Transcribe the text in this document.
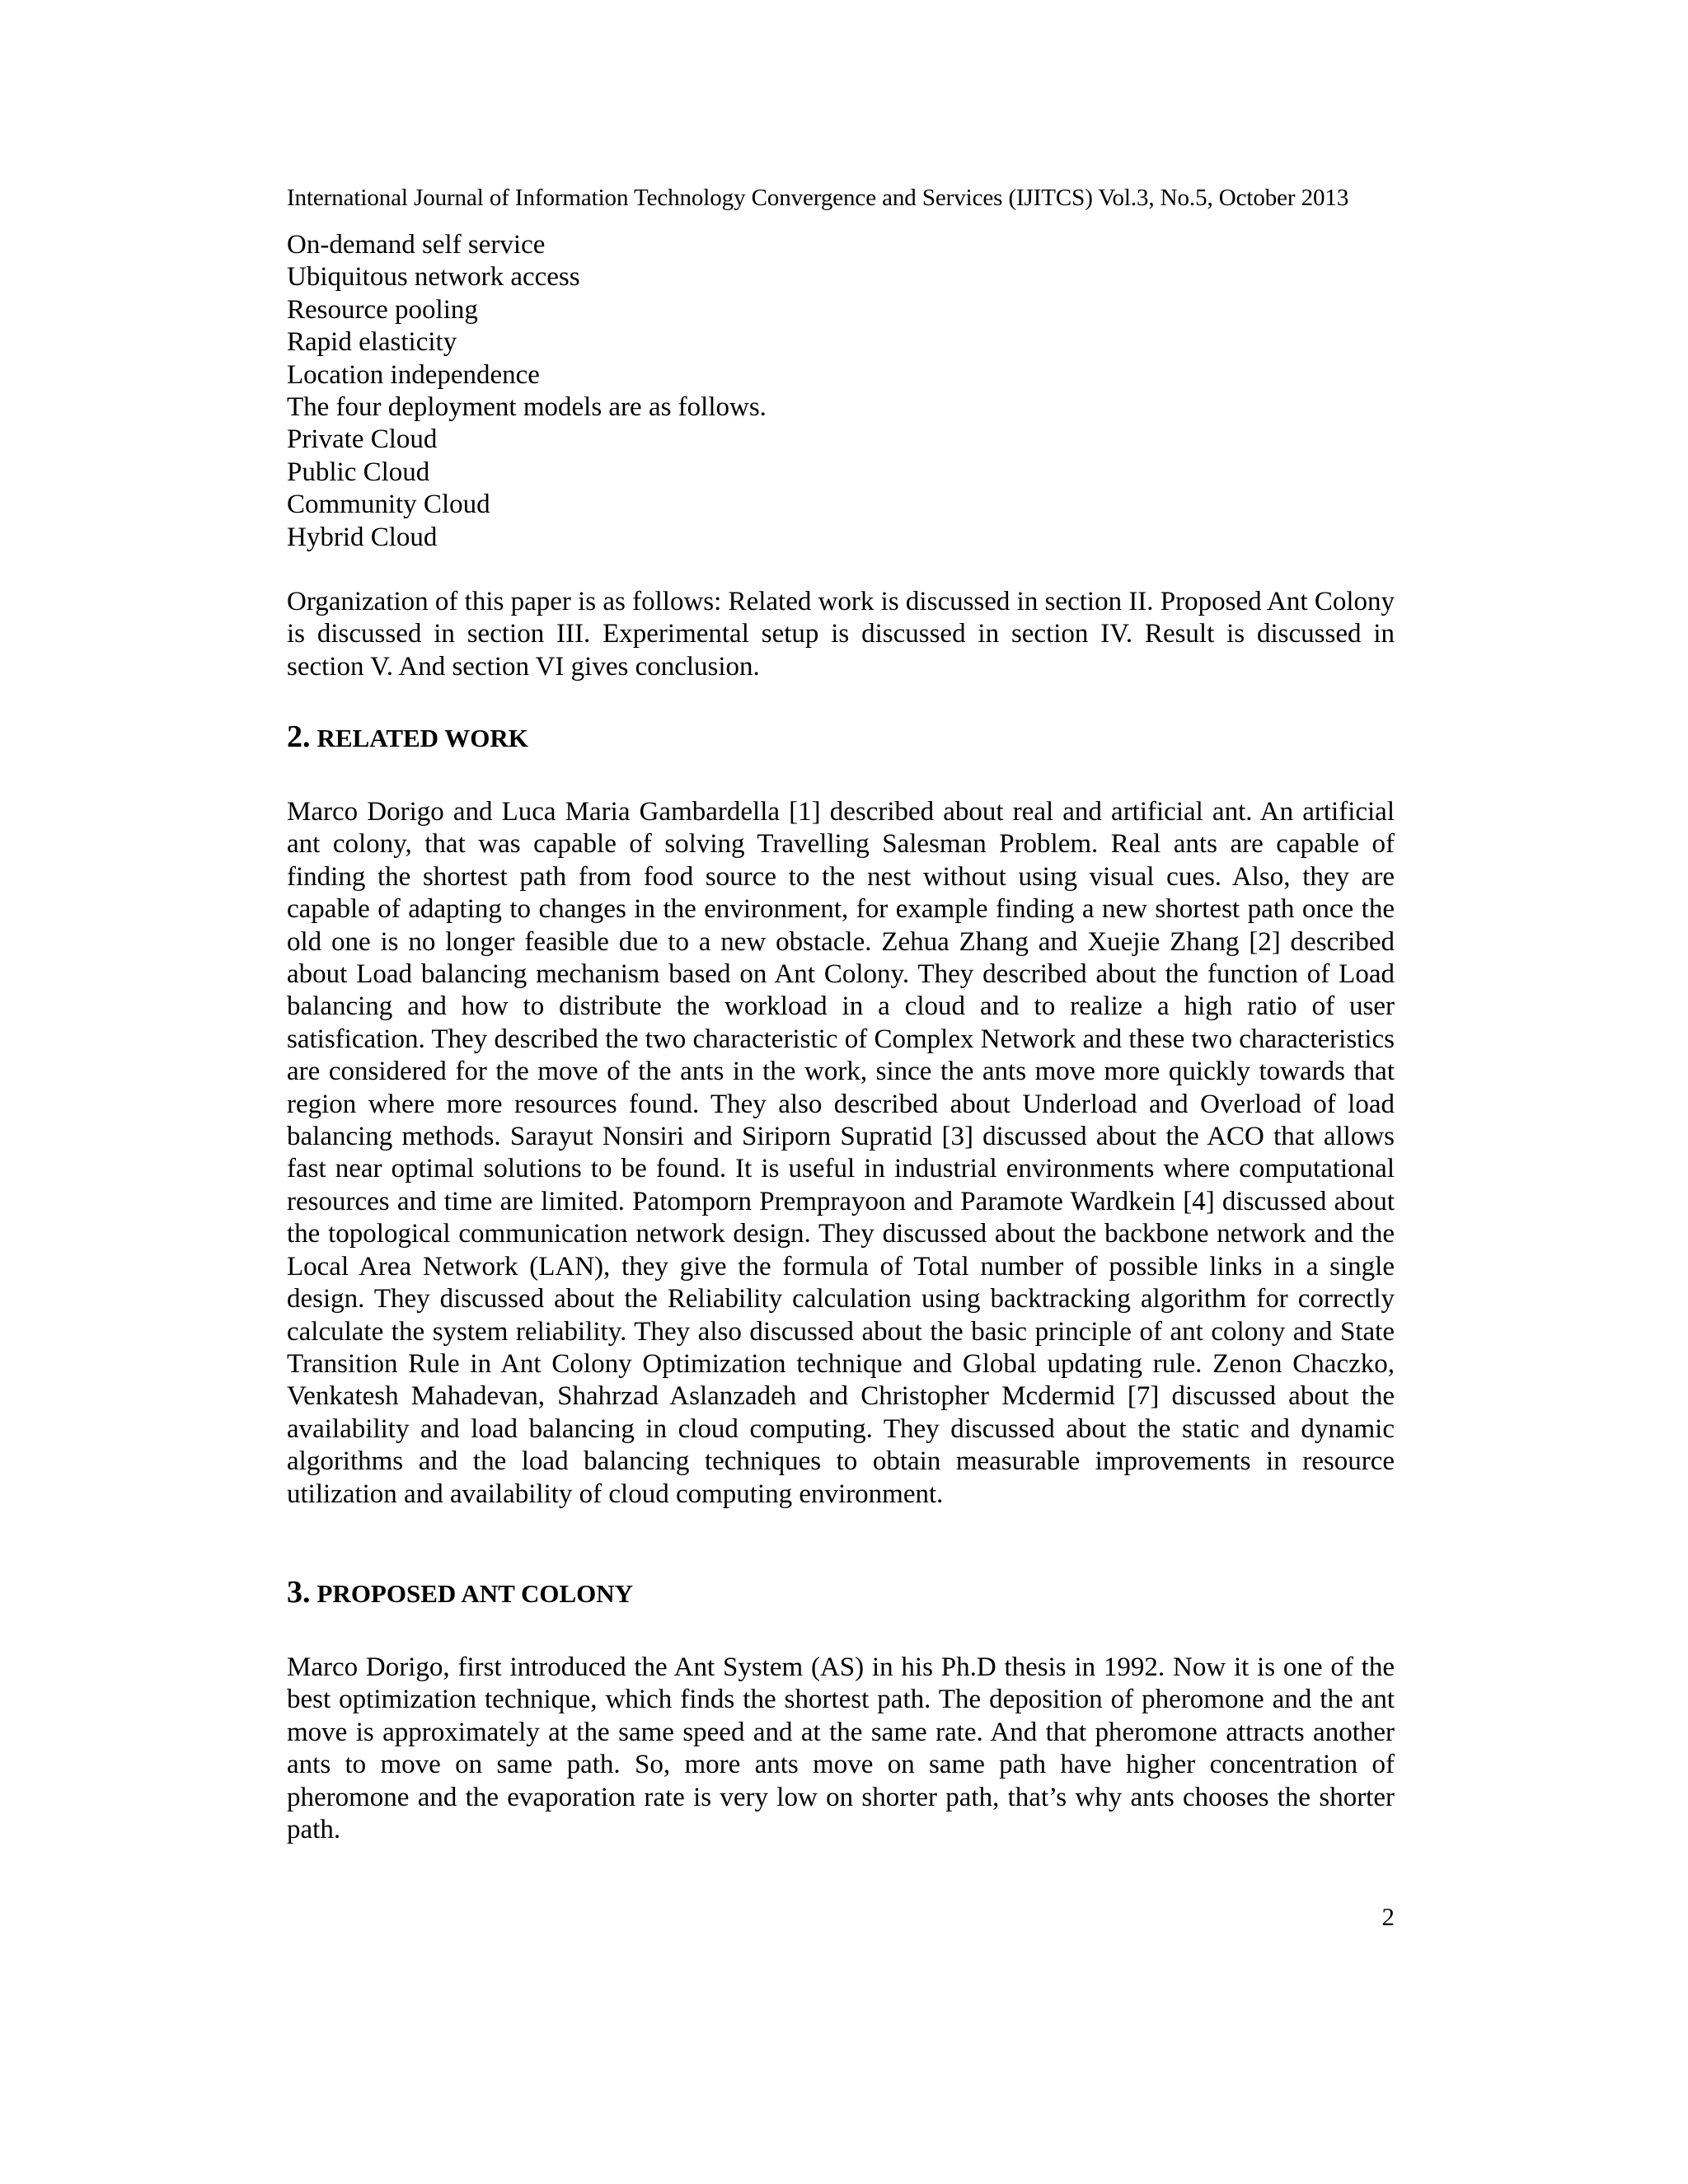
International Journal of Information Technology Convergence and Services (IJITCS) Vol.3, No.5, October 2013
On-demand self service
Ubiquitous network access
Resource pooling
Rapid elasticity
Location independence
The four deployment models are as follows.
Private Cloud
Public Cloud
Community Cloud
Hybrid Cloud
Organization of this paper is as follows: Related work is discussed in section II. Proposed Ant Colony is discussed in section III. Experimental setup is discussed in section IV. Result is discussed in section V. And section VI gives conclusion.
2. RELATED WORK
Marco Dorigo and Luca Maria Gambardella [1] described about real and artificial ant. An artificial ant colony, that was capable of solving Travelling Salesman Problem. Real ants are capable of finding the shortest path from food source to the nest without using visual cues. Also, they are capable of adapting to changes in the environment, for example finding a new shortest path once the old one is no longer feasible due to a new obstacle. Zehua Zhang and Xuejie Zhang [2] described about Load balancing mechanism based on Ant Colony. They described about the function of Load balancing and how to distribute the workload in a cloud and to realize a high ratio of user satisfication. They described the two characteristic of Complex Network and these two characteristics are considered for the move of the ants in the work, since the ants move more quickly towards that region where more resources found. They also described about Underload and Overload of load balancing methods. Sarayut Nonsiri and Siriporn Supratid [3] discussed about the ACO that allows fast near optimal solutions to be found. It is useful in industrial environments where computational resources and time are limited. Patomporn Premprayoon and Paramote Wardkein [4] discussed about the topological communication network design. They discussed about the backbone network and the Local Area Network (LAN), they give the formula of Total number of possible links in a single design. They discussed about the Reliability calculation using backtracking algorithm for correctly calculate the system reliability. They also discussed about the basic principle of ant colony and State Transition Rule in Ant Colony Optimization technique and Global updating rule. Zenon Chaczko, Venkatesh Mahadevan, Shahrzad Aslanzadeh and Christopher Mcdermid [7] discussed about the availability and load balancing in cloud computing. They discussed about the static and dynamic algorithms and the load balancing techniques to obtain measurable improvements in resource utilization and availability of cloud computing environment.
3. PROPOSED ANT COLONY
Marco Dorigo, first introduced the Ant System (AS) in his Ph.D thesis in 1992. Now it is one of the best optimization technique, which finds the shortest path. The deposition of pheromone and the ant move is approximately at the same speed and at the same rate. And that pheromone attracts another ants to move on same path. So, more ants move on same path have higher concentration of pheromone and the evaporation rate is very low on shorter path, that’s why ants chooses the shorter path.
2
